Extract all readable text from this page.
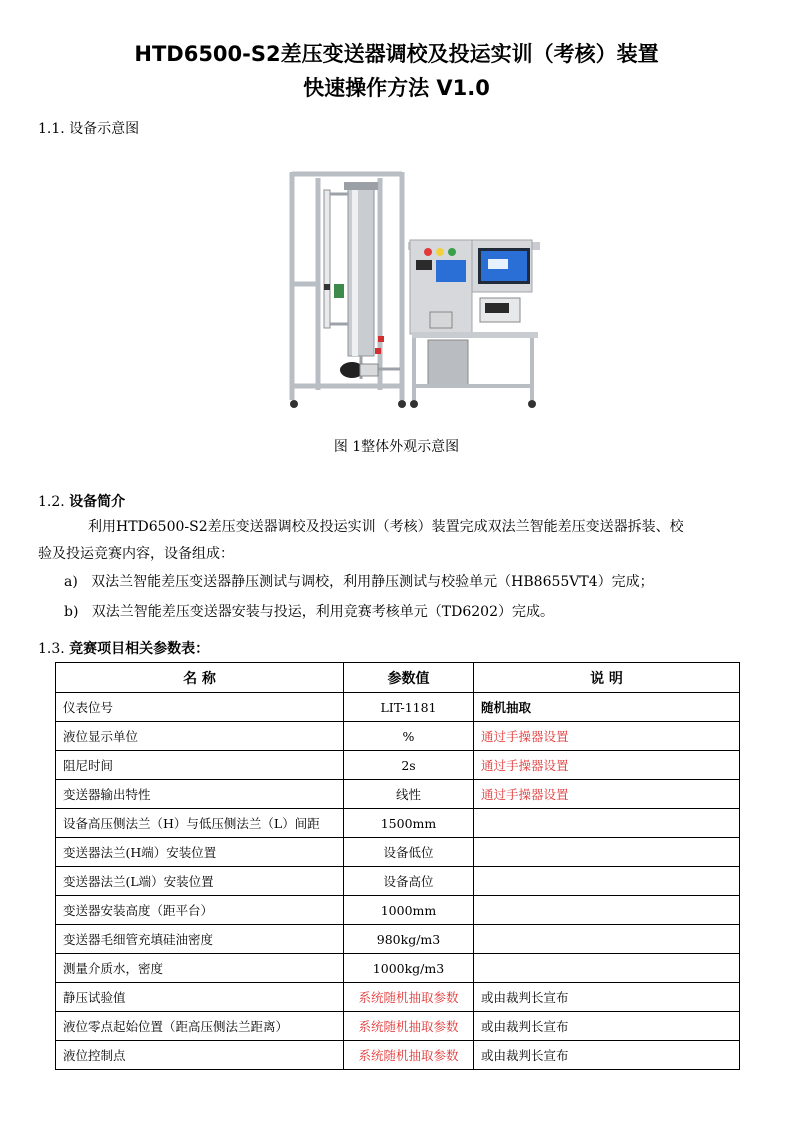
HTD6500-S2差压变送器调校及投运实训（考核）装置
快速操作方法 V1.0
1.1. 设备示意图
图 1整体外观示意图
1.2. 设备简介
利用HTD6500-S2差压变送器调校及投运实训（考核）装置完成双法兰智能差压变送器拆装、校
验及投运竞赛内容，设备组成：
a) 双法兰智能差压变送器静压测试与调校，利用静压测试与校验单元（HB8655VT4）完成；
b) 双法兰智能差压变送器安装与投运，利用竞赛考核单元（TD6202）完成。
1.3. 竞赛项目相关参数表：
名 称	参数值	说 明
仪表位号	LIT-1181	随机抽取
液位显示单位	%	通过手操器设置
阻尼时间	2s	通过手操器设置
变送器输出特性	线性	通过手操器设置
设备高压侧法兰（H）与低压侧法兰（L）间距	1500mm	
变送器法兰(H端）安装位置	设备低位	
变送器法兰(L端）安装位置	设备高位	
变送器安装高度（距平台）	1000mm	
变送器毛细管充填硅油密度	980kg/m3	
测量介质水，密度	1000kg/m3	
静压试验值	系统随机抽取参数	或由裁判长宣布
液位零点起始位置（距高压侧法兰距离）	系统随机抽取参数	或由裁判长宣布
液位控制点	系统随机抽取参数	或由裁判长宣布
